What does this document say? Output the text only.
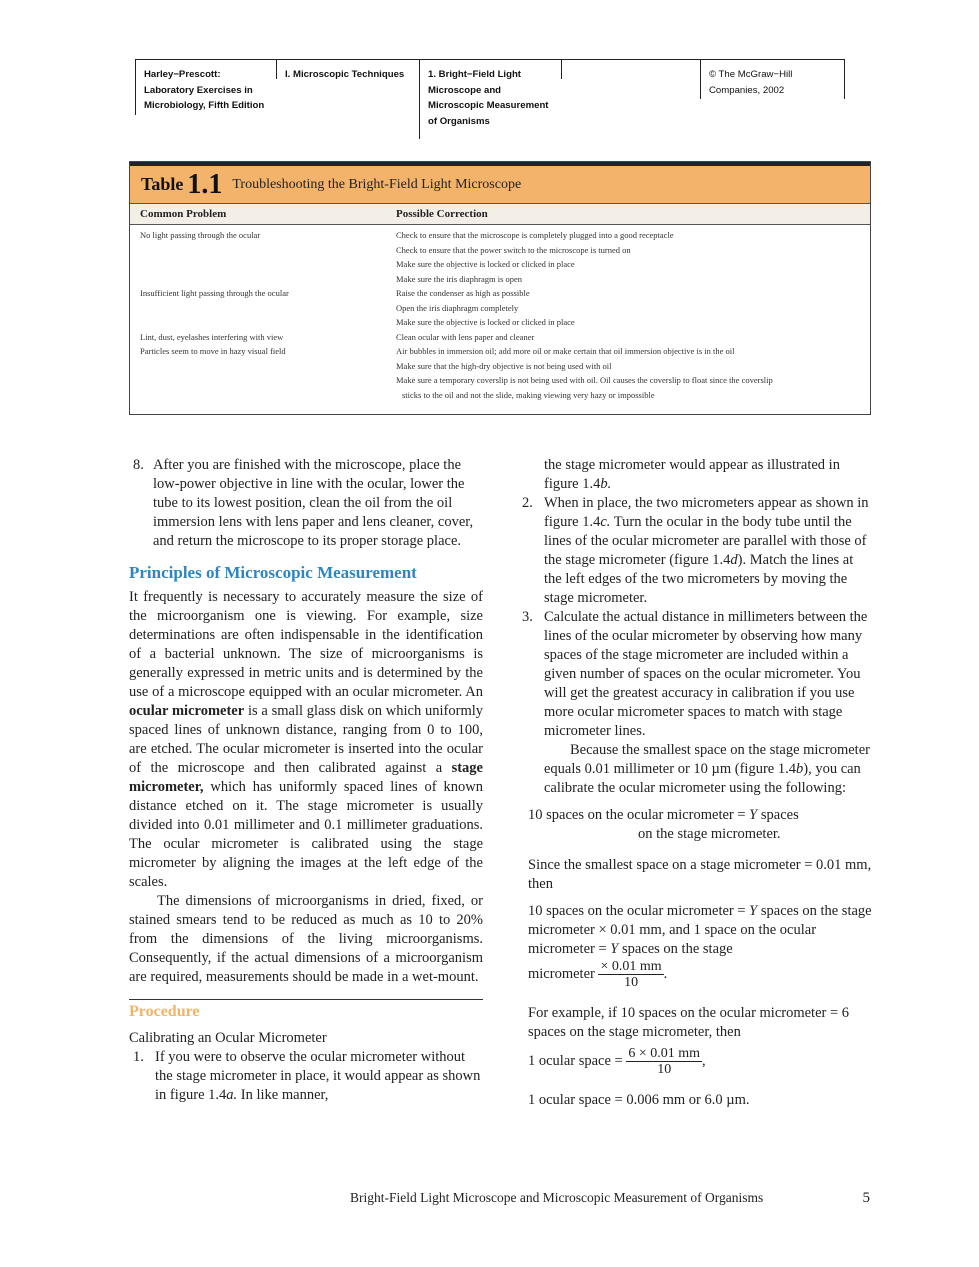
Harley−Prescott:
Laboratory Exercises in
Microbiology, Fifth Edition
I. Microscopic Techniques	1. Bright−Field Light
Microscope and
Microscopic Measurement
of Organisms
© The McGraw−Hill
Companies, 2002
Table 1.1 Troubleshooting the Bright-Field Light Microscope
Common Problem	Possible Correction
No light passing through the ocular	Check to ensure that the microscope is completely plugged into a good receptacle
Check to ensure that the power switch to the microscope is turned on
Make sure the objective is locked or clicked in place
Make sure the iris diaphragm is open
Insufficient light passing through the ocular	Raise the condenser as high as possible
Open the iris diaphragm completely
Make sure the objective is locked or clicked in place
Lint, dust, eyelashes interfering with view	Clean ocular with lens paper and cleaner
Particles seem to move in hazy visual field	Air bubbles in immersion oil; add more oil or make certain that oil immersion objective is in the oil
Make sure that the high-dry objective is not being used with oil
Make sure a temporary coverslip is not being used with oil. Oil causes the coverslip to float since the coverslip
sticks to the oil and not the slide, making viewing very hazy or impossible

8. After you are finished with the microscope, place the low-power objective in line with the ocular, lower the tube to its lowest position, clean the oil from the oil immersion lens with lens paper and lens cleaner, cover, and return the microscope to its proper storage place.

Principles of Microscopic Measurement

It frequently is necessary to accurately measure the size of the microorganism one is viewing. For example, size determinations are often indispensable in the identification of a bacterial unknown. The size of microorganisms is generally expressed in metric units and is determined by the use of a microscope equipped with an ocular micrometer. An ocular micrometer is a small glass disk on which uniformly spaced lines of unknown distance, ranging from 0 to 100, are etched. The ocular micrometer is inserted into the ocular of the microscope and then calibrated against a stage micrometer, which has uniformly spaced lines of known distance etched on it. The stage micrometer is usually divided into 0.01 millimeter and 0.1 millimeter graduations. The ocular micrometer is calibrated using the stage micrometer by aligning the images at the left edge of the scales.

The dimensions of microorganisms in dried, fixed, or stained smears tend to be reduced as much as 10 to 20% from the dimensions of the living microorganisms. Consequently, if the actual dimensions of a microorganism are required, measurements should be made in a wet-mount.

Procedure

Calibrating an Ocular Micrometer

1. If you were to observe the ocular micrometer without the stage micrometer in place, it would appear as shown in figure 1.4a. In like manner,

the stage micrometer would appear as illustrated in figure 1.4b.

2. When in place, the two micrometers appear as shown in figure 1.4c. Turn the ocular in the body tube until the lines of the ocular micrometer are parallel with those of the stage micrometer (figure 1.4d). Match the lines at the left edges of the two micrometers by moving the stage micrometer.

3. Calculate the actual distance in millimeters between the lines of the ocular micrometer by observing how many spaces of the stage micrometer are included within a given number of spaces on the ocular micrometer. You will get the greatest accuracy in calibration if you use more ocular micrometer spaces to match with stage micrometer lines.

Because the smallest space on the stage micrometer equals 0.01 millimeter or 10 µm (figure 1.4b), you can calibrate the ocular micrometer using the following:

10 spaces on the ocular micrometer = Y spaces
on the stage micrometer.

Since the smallest space on a stage micrometer = 0.01 mm, then

10 spaces on the ocular micrometer = Y spaces on the stage micrometer × 0.01 mm, and 1 space on the ocular micrometer = Y spaces on the stage
micrometer $\frac{\times 0.01 mm}{10}$ .

For example, if 10 spaces on the ocular micrometer = 6 spaces on the stage micrometer, then

1 ocular space = $\frac{6 \times 0.01 mm}{10}$ ,

1 ocular space = 0.006 mm or 6.0 µm.

Bright-Field Light Microscope and Microscopic Measurement of Organisms	5
